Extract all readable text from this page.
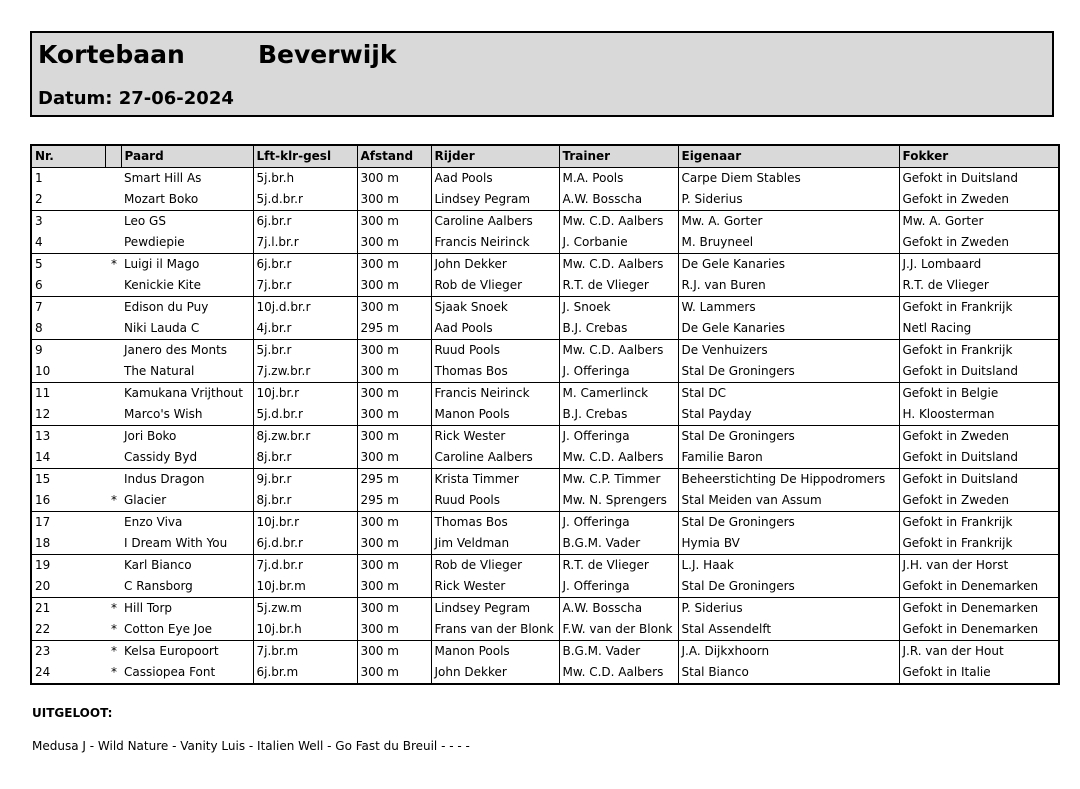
Kortebaan	Beverwijk
Datum: 27-06-2024
Nr.		Paard	Lft-klr-gesl	Afstand	Rijder	Trainer	Eigenaar	Fokker
1		Smart Hill As	5j.br.h	300 m	Aad Pools	M.A. Pools	Carpe Diem Stables	Gefokt in Duitsland
2		Mozart Boko	5j.d.br.r	300 m	Lindsey Pegram	A.W. Bosscha	P. Siderius	Gefokt in Zweden
3		Leo GS	6j.br.r	300 m	Caroline Aalbers	Mw. C.D. Aalbers	Mw. A. Gorter	Mw. A. Gorter
4		Pewdiepie	7j.l.br.r	300 m	Francis Neirinck	J. Corbanie	M. Bruyneel	Gefokt in Zweden
5	*	Luigi il Mago	6j.br.r	300 m	John Dekker	Mw. C.D. Aalbers	De Gele Kanaries	J.J. Lombaard
6		Kenickie Kite	7j.br.r	300 m	Rob de Vlieger	R.T. de Vlieger	R.J. van Buren	R.T. de Vlieger
7		Edison du Puy	10j.d.br.r	300 m	Sjaak Snoek	J. Snoek	W. Lammers	Gefokt in Frankrijk
8		Niki Lauda C	4j.br.r	295 m	Aad Pools	B.J. Crebas	De Gele Kanaries	Netl Racing
9		Janero des Monts	5j.br.r	300 m	Ruud Pools	Mw. C.D. Aalbers	De Venhuizers	Gefokt in Frankrijk
10		The Natural	7j.zw.br.r	300 m	Thomas Bos	J. Offeringa	Stal De Groningers	Gefokt in Duitsland
11		Kamukana Vrijthout	10j.br.r	300 m	Francis Neirinck	M. Camerlinck	Stal DC	Gefokt in Belgie
12		Marco's Wish	5j.d.br.r	300 m	Manon Pools	B.J. Crebas	Stal Payday	H. Kloosterman
13		Jori Boko	8j.zw.br.r	300 m	Rick Wester	J. Offeringa	Stal De Groningers	Gefokt in Zweden
14		Cassidy Byd	8j.br.r	300 m	Caroline Aalbers	Mw. C.D. Aalbers	Familie Baron	Gefokt in Duitsland
15		Indus Dragon	9j.br.r	295 m	Krista Timmer	Mw. C.P. Timmer	Beheerstichting De Hippodromers	Gefokt in Duitsland
16	*	Glacier	8j.br.r	295 m	Ruud Pools	Mw. N. Sprengers	Stal Meiden van Assum	Gefokt in Zweden
17		Enzo Viva	10j.br.r	300 m	Thomas Bos	J. Offeringa	Stal De Groningers	Gefokt in Frankrijk
18		I Dream With You	6j.d.br.r	300 m	Jim Veldman	B.G.M. Vader	Hymia BV	Gefokt in Frankrijk
19		Karl Bianco	7j.d.br.r	300 m	Rob de Vlieger	R.T. de Vlieger	L.J. Haak	J.H. van der Horst
20		C Ransborg	10j.br.m	300 m	Rick Wester	J. Offeringa	Stal De Groningers	Gefokt in Denemarken
21	*	Hill Torp	5j.zw.m	300 m	Lindsey Pegram	A.W. Bosscha	P. Siderius	Gefokt in Denemarken
22	*	Cotton Eye Joe	10j.br.h	300 m	Frans van der Blonk	F.W. van der Blonk	Stal Assendelft	Gefokt in Denemarken
23	*	Kelsa Europoort	7j.br.m	300 m	Manon Pools	B.G.M. Vader	J.A. Dijkxhoorn	J.R. van der Hout
24	*	Cassiopea Font	6j.br.m	300 m	John Dekker	Mw. C.D. Aalbers	Stal Bianco	Gefokt in Italie
UITGELOOT:
Medusa J - Wild Nature - Vanity Luis - Italien Well - Go Fast du Breuil - - - -
